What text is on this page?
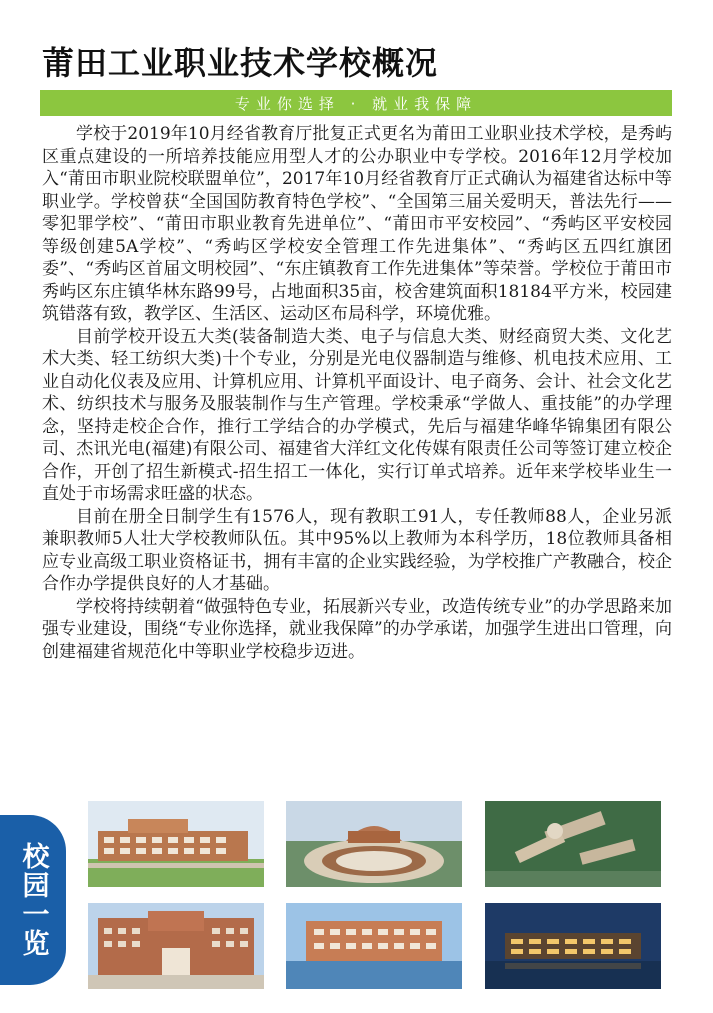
莆田工业职业技术学校概况
专业你选择 · 就业我保障

学校于2019年10月经省教育厅批复正式更名为莆田工业职业技术学校，是秀屿区重点建设的一所培养技能应用型人才的公办职业中专学校。2016年12月学校加入“莆田市职业院校联盟单位”，2017年10月经省教育厅正式确认为福建省达标中等职业学。学校曾获“全国国防教育特色学校”、“全国第三届关爱明天，普法先行——零犯罪学校”、“莆田市职业教育先进单位”、“莆田市平安校园”、“秀屿区平安校园等级创建5A学校”、“秀屿区学校安全管理工作先进集体”、“秀屿区五四红旗团委”、“秀屿区首届文明校园”、“东庄镇教育工作先进集体”等荣誉。学校位于莆田市秀屿区东庄镇华林东路99号，占地面积35亩，校舍建筑面积18184平方米，校园建筑错落有致，教学区、生活区、运动区布局科学，环境优雅。

目前学校开设五大类(装备制造大类、电子与信息大类、财经商贸大类、文化艺术大类、轻工纺织大类)十个专业，分别是光电仪器制造与维修、机电技术应用、工业自动化仪表及应用、计算机应用、计算机平面设计、电子商务、会计、社会文化艺术、纺织技术与服务及服装制作与生产管理。学校秉承“学做人、重技能”的办学理念，坚持走校企合作，推行工学结合的办学模式，先后与福建华峰华锦集团有限公司、杰讯光电(福建)有限公司、福建省大洋红文化传媒有限责任公司等签订建立校企合作，开创了招生新模式-招生招工一体化，实行订单式培养。近年来学校毕业生一直处于市场需求旺盛的状态。

目前在册全日制学生有1576人，现有教职工91人，专任教师88人，企业另派兼职教师5人壮大学校教师队伍。其中95%以上教师为本科学历，18位教师具备相应专业高级工职业资格证书，拥有丰富的企业实践经验，为学校推广产教融合，校企合作办学提供良好的人才基础。

学校将持续朝着“做强特色专业，拓展新兴专业，改造传统专业”的办学思路来加强专业建设，围绕“专业你选择，就业我保障”的办学承诺，加强学生进出口管理，向创建福建省规范化中等职业学校稳步迈进。

校园一览
